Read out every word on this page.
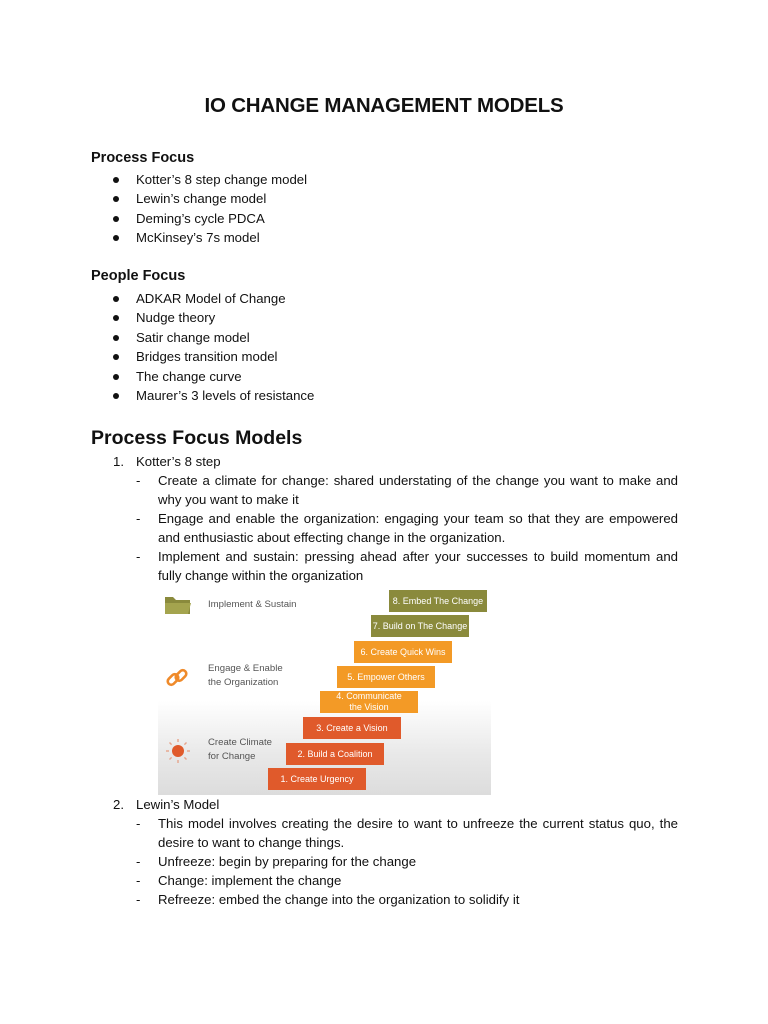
IO CHANGE MANAGEMENT MODELS
Process Focus
Kotter’s 8 step change model
Lewin’s change model
Deming’s cycle PDCA
McKinsey’s 7s model
People Focus
ADKAR Model of Change
Nudge theory
Satir change model
Bridges transition model
The change curve
Maurer’s 3 levels of resistance
Process Focus Models
1. Kotter’s 8 step
- Create a climate for change: shared understating of the change you want to make and why you want to make it
- Engage and enable the organization: engaging your team so that they are empowered and enthusiastic about effecting change in the organization.
- Implement and sustain: pressing ahead after your successes to build momentum and fully change within the organization
Implement & Sustain
Engage & Enable
the Organization
Create Climate
for Change
1. Create Urgency
2. Build a Coalition
3. Create a Vision
4. Communicate
the Vision
5. Empower Others
6. Create Quick Wins
7. Build on The Change
8. Embed The Change
2. Lewin’s Model
- This model involves creating the desire to want to unfreeze the current status quo, the desire to want to change things.
- Unfreeze: begin by preparing for the change
- Change: implement the change
- Refreeze: embed the change into the organization to solidify it
